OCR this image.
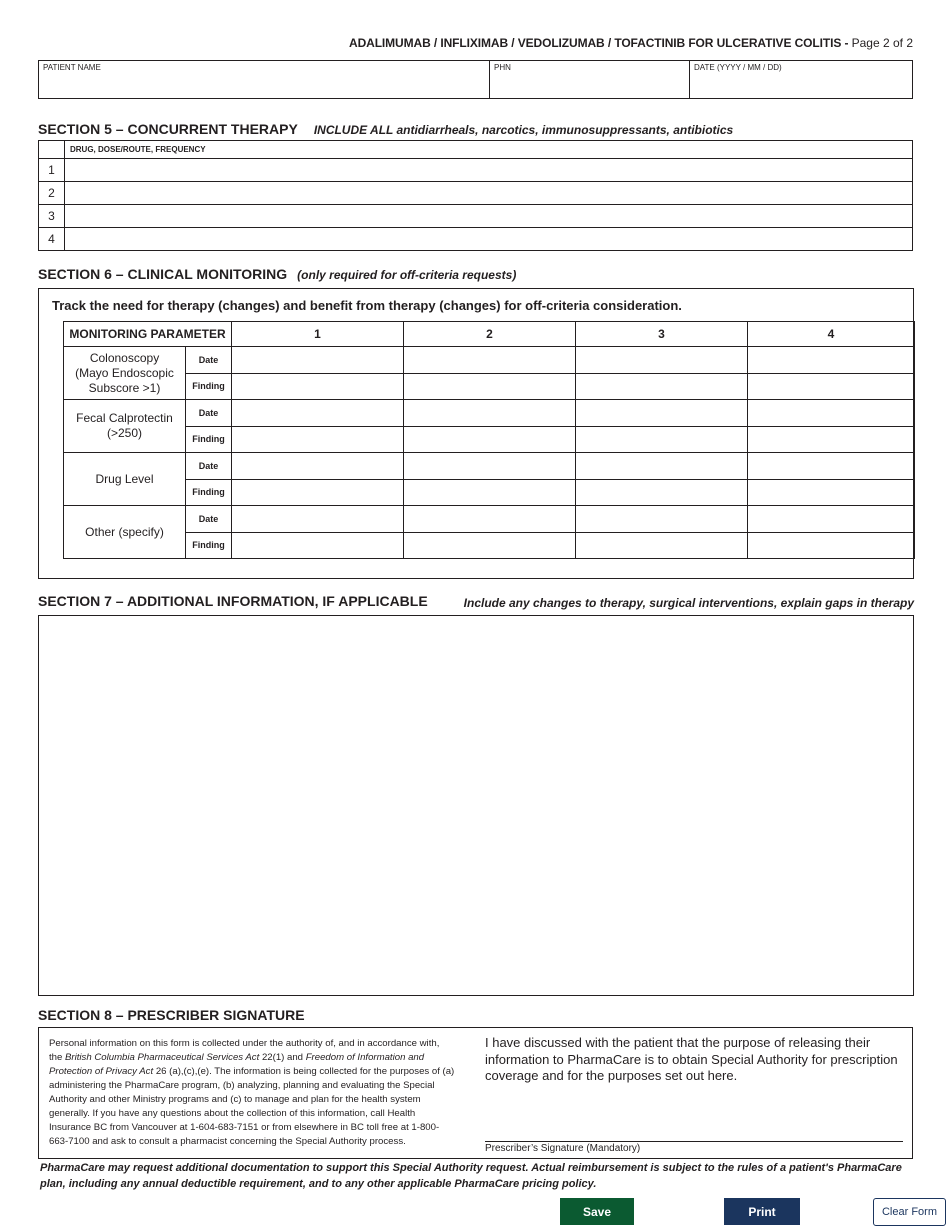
ADALIMUMAB / INFLIXIMAB / VEDOLIZUMAB / TOFACTINIB FOR ULCERATIVE COLITIS - Page 2 of 2
PATIENT NAME	PHN	DATE (YYYY / MM / DD)
SECTION 5 – CONCURRENT THERAPY INCLUDE ALL antidiarrheals, narcotics, immunosuppressants, antibiotics
	DRUG, DOSE/ROUTE, FREQUENCY
1	
2	
3	
4	
SECTION 6 – CLINICAL MONITORING (only required for off-criteria requests)
Track the need for therapy (changes) and benefit from therapy (changes) for off-criteria consideration.
MONITORING PARAMETER		1	2	3	4
Colonoscopy (Mayo Endoscopic Subscore >1)	Date				
	Finding				
Fecal Calprotectin (>250)	Date				
	Finding				
Drug Level	Date				
	Finding				
Other (specify)	Date				
	Finding				
SECTION 7 – ADDITIONAL INFORMATION, IF APPLICABLE	Include any changes to therapy, surgical interventions, explain gaps in therapy
SECTION 8 – PRESCRIBER SIGNATURE
Personal information on this form is collected under the authority of, and in accordance with, the British Columbia Pharmaceutical Services Act 22(1) and Freedom of Information and Protection of Privacy Act 26 (a),(c),(e). The information is being collected for the purposes of (a) administering the PharmaCare program, (b) analyzing, planning and evaluating the Special Authority and other Ministry programs and (c) to manage and plan for the health system generally. If you have any questions about the collection of this information, call Health Insurance BC from Vancouver at 1-604-683-7151 or from elsewhere in BC toll free at 1-800-663-7100 and ask to consult a pharmacist concerning the Special Authority process.
I have discussed with the patient that the purpose of releasing their information to PharmaCare is to obtain Special Authority for prescription coverage and for the purposes set out here.
Prescriber’s Signature (Mandatory)
PharmaCare may request additional documentation to support this Special Authority request. Actual reimbursement is subject to the rules of a patient's PharmaCare plan, including any annual deductible requirement, and to any other applicable PharmaCare pricing policy.
Save	Print	Clear Form
